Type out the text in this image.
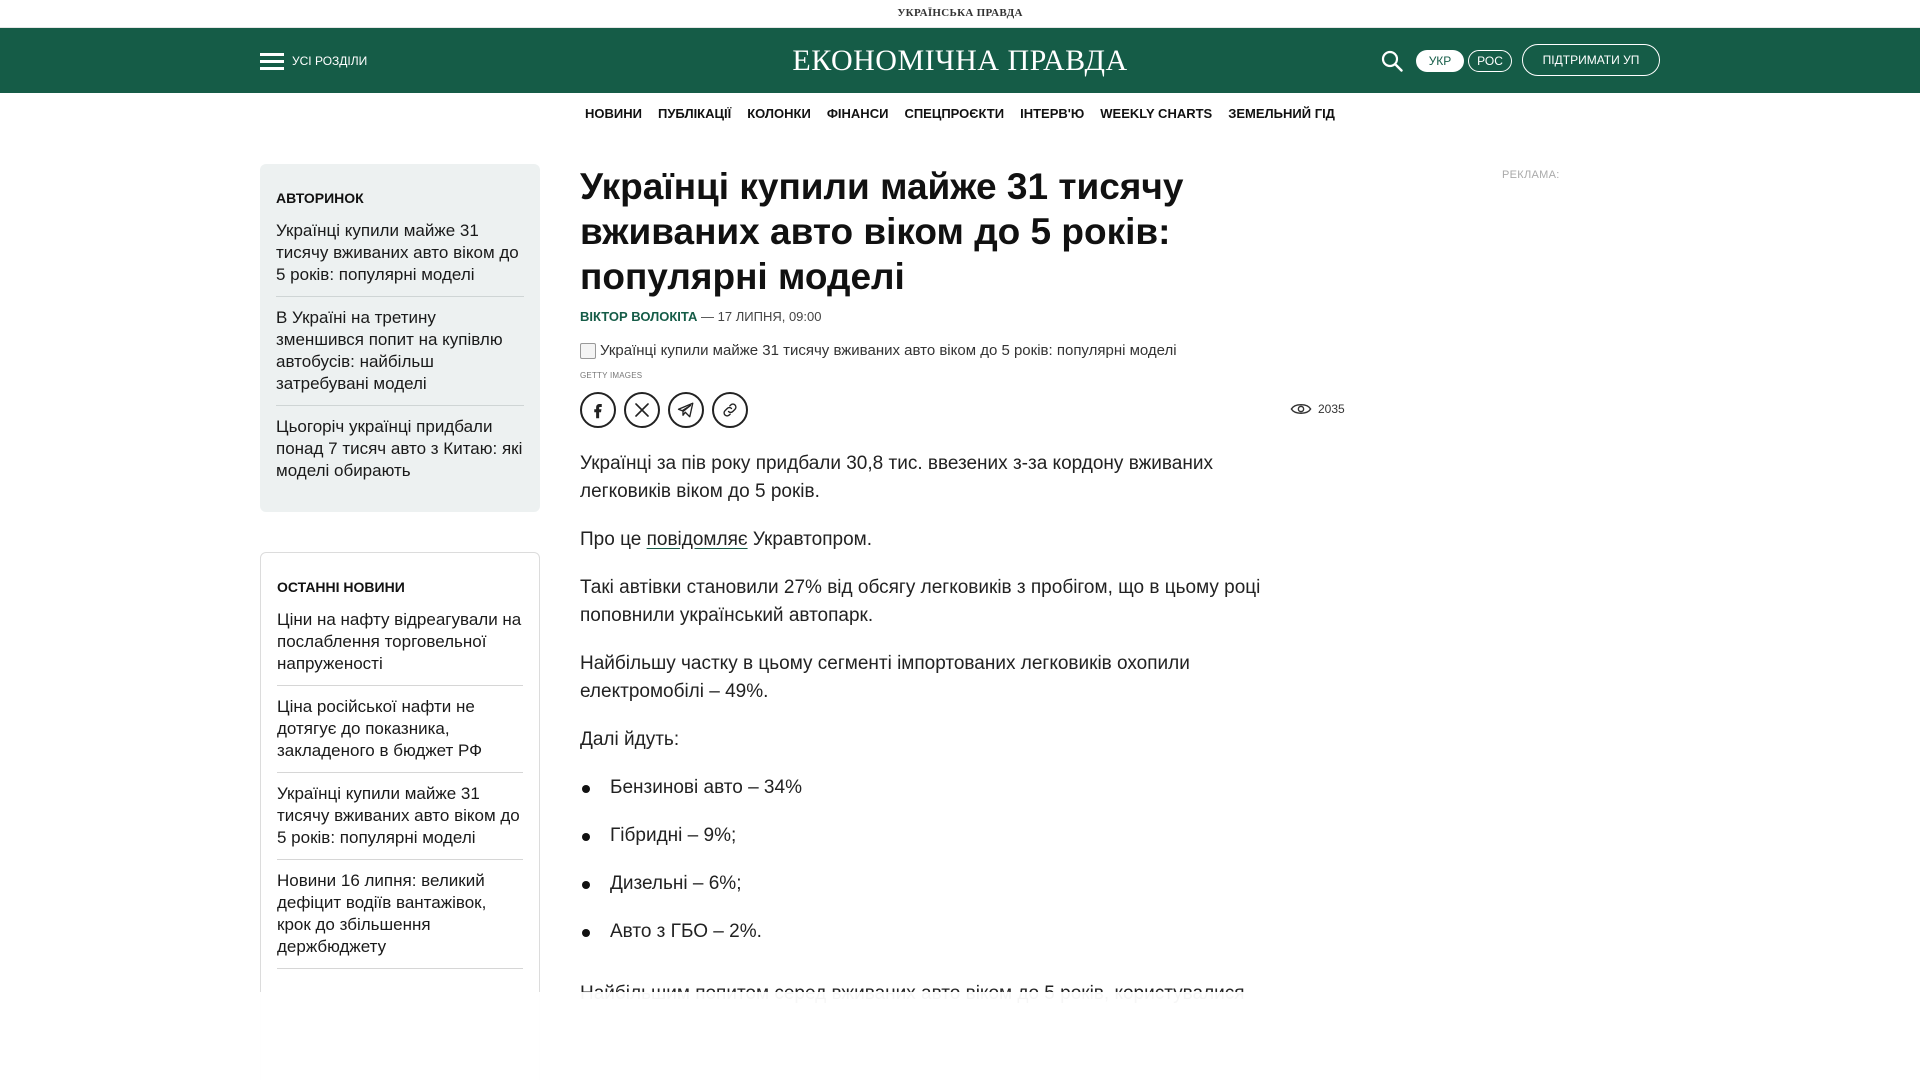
УКРАЇНСЬКА ПРАВДА
УСІ РОЗДІЛИ	ЕКОНОМІЧНА ПРАВДА	УКР	РОС	ПІДТРИМАТИ УП
НОВИНИ ПУБЛІКАЦІЇ КОЛОНКИ ФІНАНСИ СПЕЦПРОЄКТИ ІНТЕРВ'Ю WEEKLY CHARTS ЗЕМЕЛЬНИЙ ГІД
АВТОРИНОК
Українці купили майже 31 тисячу вживаних авто віком до 5 років: популярні моделі
В Україні на третину зменшився попит на купівлю автобусів: найбільш затребувані моделі
Цьогоріч українці придбали понад 7 тисяч авто з Китаю: які моделі обирають
ОСТАННІ НОВИНИ
Ціни на нафту відреагували на послаблення торговельної напруженості
Ціна російської нафти не дотягує до показника, закладеного в бюджет РФ
Українці купили майже 31 тисячу вживаних авто віком до 5 років: популярні моделі
Новини 16 липня: великий дефіцит водіїв вантажівок, крок до збільшення держбюджету
Українці купили майже 31 тисячу вживаних авто віком до 5 років: популярні моделі
ВІКТОР ВОЛОКІТА — 17 ЛИПНЯ, 09:00
Українці купили майже 31 тисячу вживаних авто віком до 5 років: популярні моделі
GETTY IMAGES
2035

Українці за пів року придбали 30,8 тис. ввезених з-за кордону вживаних легковиків віком до 5 років.

Про це повідомляє Укравтопром.

Такі автівки становили 27% від обсягу легковиків з пробігом, що в цьому році поповнили український автопарк.

Найбільшу частку в цьому сегменті імпортованих легковиків охопили електромобілі – 49%.

Далі йдуть:

Бензинові авто – 34%
Гібридні – 9%;
Дизельні – 6%;
Авто з ГБО – 2%.

РЕКЛАМА:
